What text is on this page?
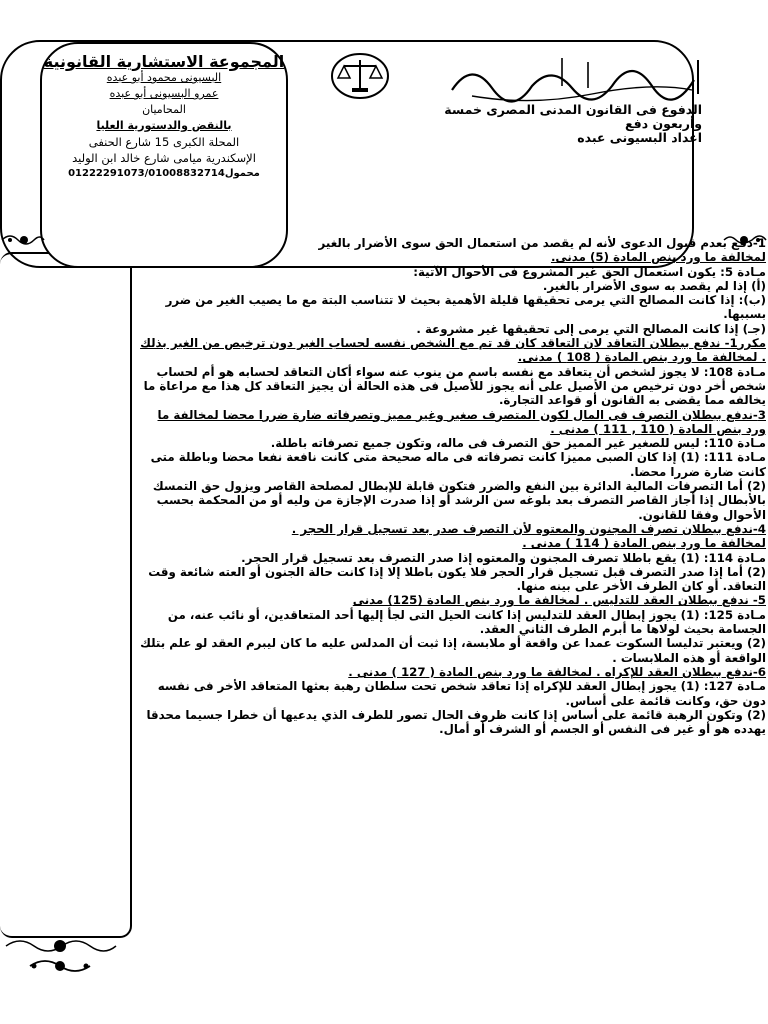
المجموعة الاستشارية القانونية
البسيونى محمود أبو عبده
عمرو البسيونى أبو عبده
المحاميان
بالنقض والدستورية العليا
المحلة الكبرى 15 شارع الحنفى
الإسكندرية ميامى شارع خالد ابن الوليد
محمول01222291073/01008832714
الدفوع فى القانون المدنى المصرى خمسة وأربعون دفع
اعداد البسيونى عبده

1-دفع بعدم قبول الدعوى لأنه لم يقصد من استعمال الحق سوى الأضرار بالغير

لمخالفة ما ورد بنص المادة (5) مدنى.

مـادة 5: يكون استعمال الحق غير المشروع فى الأحوال الآتية:

(أ) إذا لم يقصد به سوى الأضرار بالغير.

(ب): إذا كانت المصالح التي يرمى تحقيقها قليلة الأهمية بحيث لا تتناسب البتة مع ما يصيب الغير من ضرر بسببها.

(جـ) إذا كانت المصالح التي يرمى إلى تحقيقها غير مشروعة .

مكرر1- ندفع ببطلان التعاقد لان التعاقد كان قد تم مع الشخص نفسه لحساب الغير دون ترخيص من الغير بذلك . لمخالفة ما ورد بنص المادة ( 108 ) مدنى.

مـادة 108: لا يجوز لشخص أن يتعاقد مع نفسه باسم من ينوب عنه سواء أكان التعاقد لحسابه هو أم لحساب شخص أخر دون ترخيص من الأصيل على أنه يجوز للأصيل فى هذه الحالة أن يجيز التعاقد كل هذا مع مراعاة ما يخالفه مما يقضى به القانون أو قواعد التجارة.

3-ندفع ببطلان التصرف فى المال لكون المتصرف صغير وغير مميز وتصرفاته ضارة ضررا محضا لمخالفة ما ورد بنص المادة ( 110 , 111 ) مدنى .

مـادة 110: ليس للصغير غير المميز حق التصرف فى ماله، وتكون جميع تصرفاته باطلة.

مـادة 111: (1) إذا كان الصبى مميزا كانت تصرفاته فى ماله صحيحة متى كانت نافعة نفعا محضا وباطلة متى كانت ضارة ضررا محضا.

(2) أما التصرفات المالية الدائرة بين النفع والضرر فتكون قابلة للإبطال لمصلحة القاصر ويزول حق التمسك بالأبطال إذا أجاز القاصر التصرف بعد بلوغه سن الرشد أو إذا صدرت الإجازة من وليه أو من المحكمة بحسب الأحوال وفقا للقانون.

4-ندفع ببطلان تصرف المجنون والمعتوه لأن التصرف صدر بعد تسجيل قرار الحجر .

لمخالفة ما ورد بنص المادة ( 114 ) مدنى .

مـادة 114: (1) يقع باطلا تصرف المجنون والمعتوه إذا صدر التصرف بعد تسجيل قرار الحجر.

(2) أما إذا صدر التصرف قبل تسجيل قرار الحجر فلا يكون باطلا إلا إذا كانت حالة الجنون أو العته شائعة وقت التعاقد. أو كان الطرف الأخر على بينه منها.

5- ندفع ببطلان العقد للتدليس . لمخالفة ما ورد بنص المادة (125) مدنى

مـادة 125: (1) يجوز إبطال العقد للتدليس إذا كانت الحيل التى لجأ إليها أحد المتعاقدين، أو نائب عنه، من الجسامة بحيث لولاها ما أبرم الطرف الثاني العقد.

(2) ويعتبر تدليسا السكوت عمدا عن واقعة أو ملابسة، إذا ثبت أن المدلس عليه ما كان ليبرم العقد لو علم بتلك الواقعة أو هذه الملابسات .

6-ندفع ببطلان العقد للإكراه . لمخالفة ما ورد بنص المادة ( 127 ) مدنى .

مـادة 127: (1) يجوز إبطال العقد للإكراه إذا تعاقد شخص تحت سلطان رهبة بعثها المتعاقد الأخر فى نفسه دون حق، وكانت قائمة على أساس.

(2) وتكون الرهبة قائمة على أساس إذا كانت ظروف الحال تصور للطرف الذي يدعيها أن خطرا جسيما محدقا يهدده هو أو غير فى النفس أو الجسم أو الشرف أو أمال.
